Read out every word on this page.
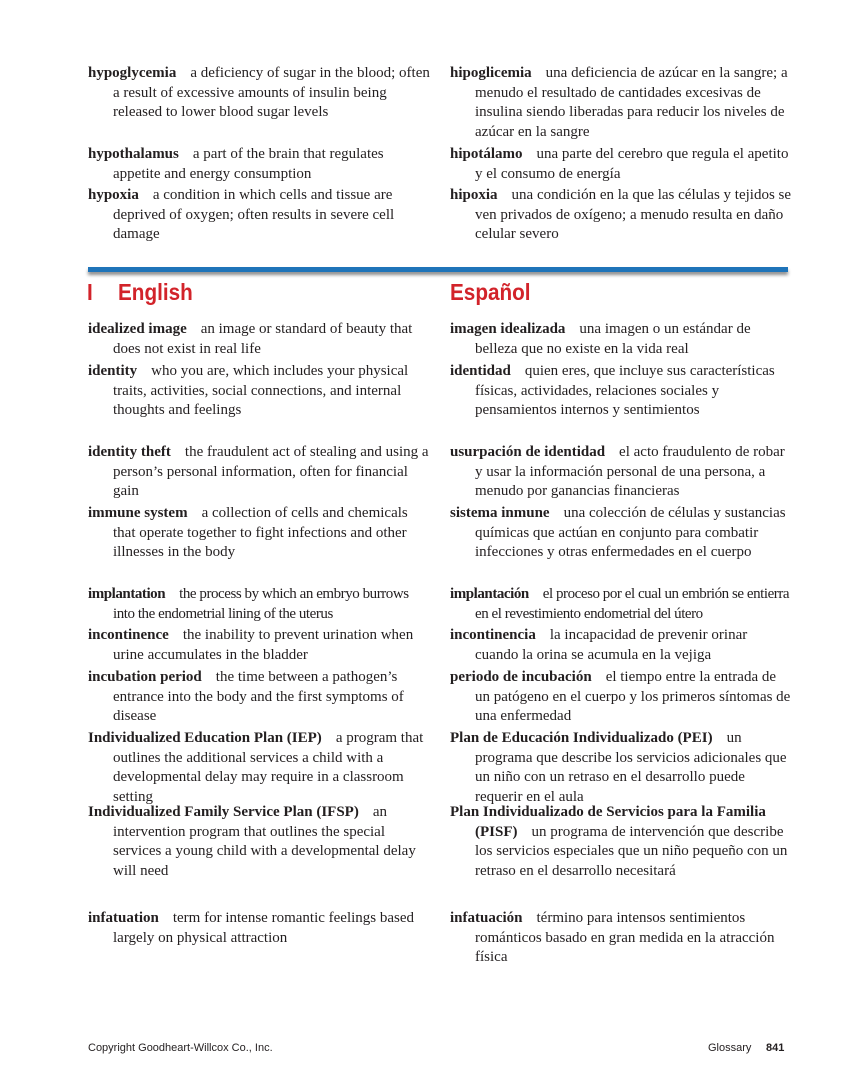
hypoglycemia a deficiency of sugar in the blood; often a result of excessive amounts of insulin being released to lower blood sugar levels
hypothalamus a part of the brain that regulates appetite and energy consumption
hypoxia a condition in which cells and tissue are deprived of oxygen; often results in severe cell damage
hipoglicemia una deficiencia de azúcar en la sangre; a menudo el resultado de cantidades excesivas de insulina siendo liberadas para reducir los niveles de azúcar en la sangre
hipotálamo una parte del cerebro que regula el apetito y el consumo de energía
hipoxia una condición en la que las células y tejidos se ven privados de oxígeno; a menudo resulta en daño celular severo
I English	Español
idealized image an image or standard of beauty that does not exist in real life
identity who you are, which includes your physical traits, activities, social connections, and internal thoughts and feelings
identity theft the fraudulent act of stealing and using a person’s personal information, often for financial gain
immune system a collection of cells and chemicals that operate together to fight infections and other illnesses in the body
implantation the process by which an embryo burrows into the endometrial lining of the uterus
incontinence the inability to prevent urination when urine accumulates in the bladder
incubation period the time between a pathogen’s entrance into the body and the first symptoms of disease
Individualized Education Plan (IEP) a program that outlines the additional services a child with a developmental delay may require in a classroom setting
Individualized Family Service Plan (IFSP) an intervention program that outlines the special services a young child with a developmental delay will need
infatuation term for intense romantic feelings based largely on physical attraction
imagen idealizada una imagen o un estándar de belleza que no existe en la vida real
identidad quien eres, que incluye sus características físicas, actividades, relaciones sociales y pensamientos internos y sentimientos
usurpación de identidad el acto fraudulento de robar y usar la información personal de una persona, a menudo por ganancias financieras
sistema inmune una colección de células y sustancias químicas que actúan en conjunto para combatir infecciones y otras enfermedades en el cuerpo
implantación el proceso por el cual un embrión se entierra en el revestimiento endometrial del útero
incontinencia la incapacidad de prevenir orinar cuando la orina se acumula en la vejiga
periodo de incubación el tiempo entre la entrada de un patógeno en el cuerpo y los primeros síntomas de una enfermedad
Plan de Educación Individualizado (PEI) un programa que describe los servicios adicionales que un niño con un retraso en el desarrollo puede requerir en el aula
Plan Individualizado de Servicios para la Familia (PISF) un programa de intervención que describe los servicios especiales que un niño pequeño con un retraso en el desarrollo necesitará
infatuación término para intensos sentimientos románticos basado en gran medida en la atracción física
Copyright Goodheart-Willcox Co., Inc.	Glossary 841
